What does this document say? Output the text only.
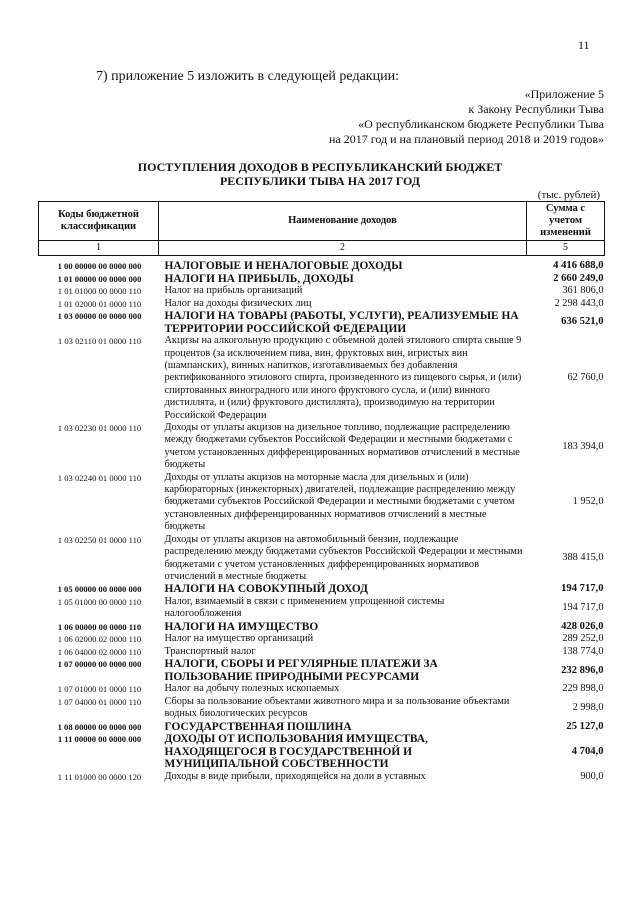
11
7) приложение 5 изложить в следующей редакции:
«Приложение 5
к Закону Республики Тыва
«О республиканском бюджете Республики Тыва
на 2017 год и на плановый период 2018 и 2019 годов»
ПОСТУПЛЕНИЯ ДОХОДОВ В РЕСПУБЛИКАНСКИЙ БЮДЖЕТ
РЕСПУБЛИКИ ТЫВА НА 2017 ГОД
(тыс. рублей)
Коды бюджетной классификации	Наименование доходов	Сумма с учетом изменений
1	2	5
1 00 00000 00 0000 000	НАЛОГОВЫЕ И НЕНАЛОГОВЫЕ ДОХОДЫ	4 416 688,0
1 01 00000 00 0000 000	НАЛОГИ НА ПРИБЫЛЬ, ДОХОДЫ	2 660 249,0
1 01 01000 00 0000 110	Налог на прибыль организаций	361 806,0
1 01 02000 01 0000 110	Налог на доходы физических лиц	2 298 443,0
1 03 00000 00 0000 000	НАЛОГИ НА ТОВАРЫ (РАБОТЫ, УСЛУГИ), РЕАЛИЗУЕМЫЕ НА ТЕРРИТОРИИ РОССИЙСКОЙ ФЕДЕРАЦИИ	636 521,0
1 03 02110 01 0000 110	Акцизы на алкогольную продукцию с объемной долей этилового спирта свыше 9 процентов (за исключением пива, вин, фруктовых вин, игристых вин (шампанских), винных напитков, изготавливаемых без добавления ректификованного этилового спирта, произведенного из пищевого сырья, и (или) спиртованных виноградного или иного фруктового сусла, и (или) винного дистиллята, и (или) фруктового дистиллята), производимую на территории Российской Федерации	62 760,0
1 03 02230 01 0000 110	Доходы от уплаты акцизов на дизельное топливо, подлежащие распределению между бюджетами субъектов Российской Федерации и местными бюджетами с учетом установленных дифференцированных нормативов отчислений в местные бюджеты	183 394,0
1 03 02240 01 0000 110	Доходы от уплаты акцизов на моторные масла для дизельных и (или) карбюраторных (инжекторных) двигателей, подлежащие распределению между бюджетами субъектов Российской Федерации и местными бюджетами с учетом установленных дифференцированных нормативов отчислений в местные бюджеты	1 952,0
1 03 02250 01 0000 110	Доходы от уплаты акцизов на автомобильный бензин, подлежащие распределению между бюджетами субъектов Российской Федерации и местными бюджетами с учетом установленных дифференцированных нормативов отчислений в местные бюджеты	388 415,0
1 05 00000 00 0000 000	НАЛОГИ НА СОВОКУПНЫЙ ДОХОД	194 717,0
1 05 01000 00 0000 110	Налог, взимаемый в связи с применением упрощенной системы налогообложения	194 717,0
1 06 00000 00 0000 110	НАЛОГИ НА ИМУЩЕСТВО	428 026,0
1 06 02000 02 0000 110	Налог на имущество организаций	289 252,0
1 06 04000 02 0000 110	Транспортный налог	138 774,0
1 07 00000 00 0000 000	НАЛОГИ, СБОРЫ И РЕГУЛЯРНЫЕ ПЛАТЕЖИ ЗА ПОЛЬЗОВАНИЕ ПРИРОДНЫМИ РЕСУРСАМИ	232 896,0
1 07 01000 01 0000 110	Налог на добычу полезных ископаемых	229 898,0
1 07 04000 01 0000 110	Сборы за пользование объектами животного мира и за пользование объектами водных биологических ресурсов	2 998,0
1 08 00000 00 0000 000	ГОСУДАРСТВЕННАЯ ПОШЛИНА	25 127,0
1 11 00000 00 0000 000	ДОХОДЫ ОТ ИСПОЛЬЗОВАНИЯ ИМУЩЕСТВА, НАХОДЯЩЕГОСЯ В ГОСУДАРСТВЕННОЙ И МУНИЦИПАЛЬНОЙ СОБСТВЕННОСТИ	4 704,0
1 11 01000 00 0000 120	Доходы в виде прибыли, приходящейся на доли в уставных	900,0
